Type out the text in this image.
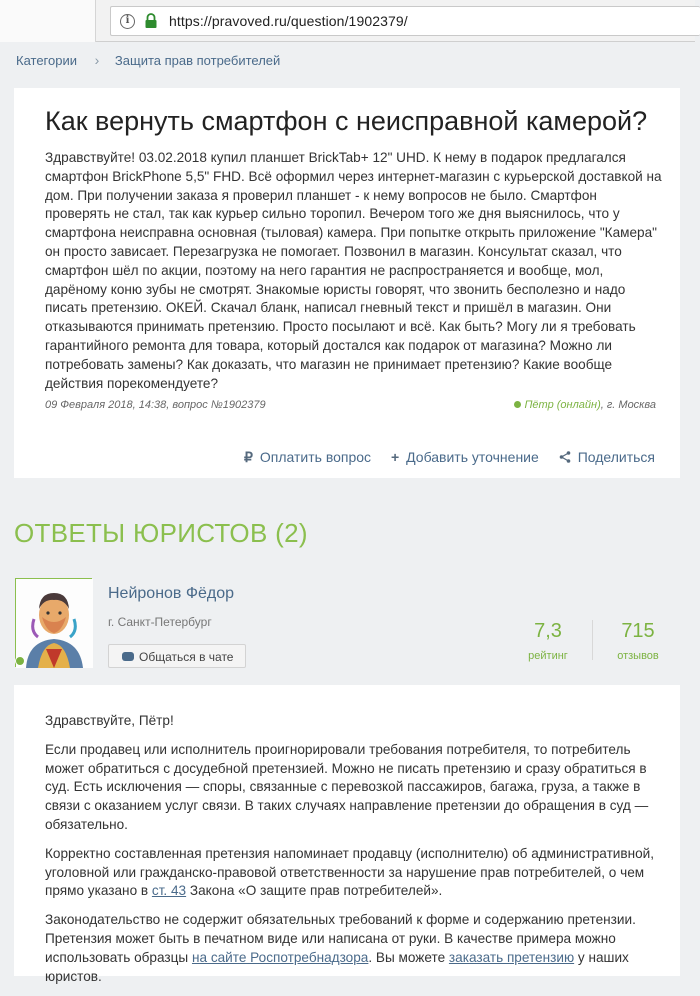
i	https://pravoved.ru/question/1902379/
Категории › Защита прав потребителей
Как вернуть смартфон с неисправной камерой?
Здравствуйте! 03.02.2018 купил планшет BrickTab+ 12" UHD. К нему в подарок предлагался смартфон BrickPhone 5,5" FHD. Всё оформил через интернет-магазин с курьерской доставкой на дом. При получении заказа я проверил планшет - к нему вопросов не было. Смартфон проверять не стал, так как курьер сильно торопил. Вечером того же дня выяснилось, что у смартфона неисправна основная (тыловая) камера. При попытке открыть приложение "Камера" он просто зависает. Перезагрузка не помогает. Позвонил в магазин. Консультат сказал, что смартфон шёл по акции, поэтому на него гарантия не распространяется и вообще, мол, дарёному коню зубы не смотрят. Знакомые юристы говорят, что звонить бесполезно и надо писать претензию. ОКЕЙ. Скачал бланк, написал гневный текст и пришёл в магазин. Они отказываются принимать претензию. Просто посылают и всё. Как быть? Могу ли я требовать гарантийного ремонта для товара, который достался как подарок от магазина? Можно ли потребовать замены? Как доказать, что магазин не принимает претензию? Какие вообще действия порекомендуете?
09 Февраля 2018, 14:38, вопрос №1902379	Пётр (онлайн), г. Москва
₽ Оплатить вопрос + Добавить уточнение	Поделиться
ОТВЕТЫ ЮРИСТОВ (2)
Нейронов Фёдор
г. Санкт-Петербург
Общаться в чате
7,3
рейтинг
715
отзывов

Здравствуйте, Пётр!

Если продавец или исполнитель проигнорировали требования потребителя, то потребитель может обратиться с досудебной претензией. Можно не писать претензию и сразу обратиться в суд. Есть исключения — споры, связанные с перевозкой пассажиров, багажа, груза, а также в связи с оказанием услуг связи. В таких случаях направление претензии до обращения в суд — обязательно.

Корректно составленная претензия напоминает продавцу (исполнителю) об административной, уголовной или гражданско-правовой ответственности за нарушение прав потребителей, о чем прямо указано в ст. 43 Закона «О защите прав потребителей».

Законодательство не содержит обязательных требований к форме и содержанию претензии. Претензия может быть в печатном виде или написана от руки. В качестве примера можно использовать образцы на сайте Роспотребнадзора. Вы можете заказать претензию у наших юристов.
